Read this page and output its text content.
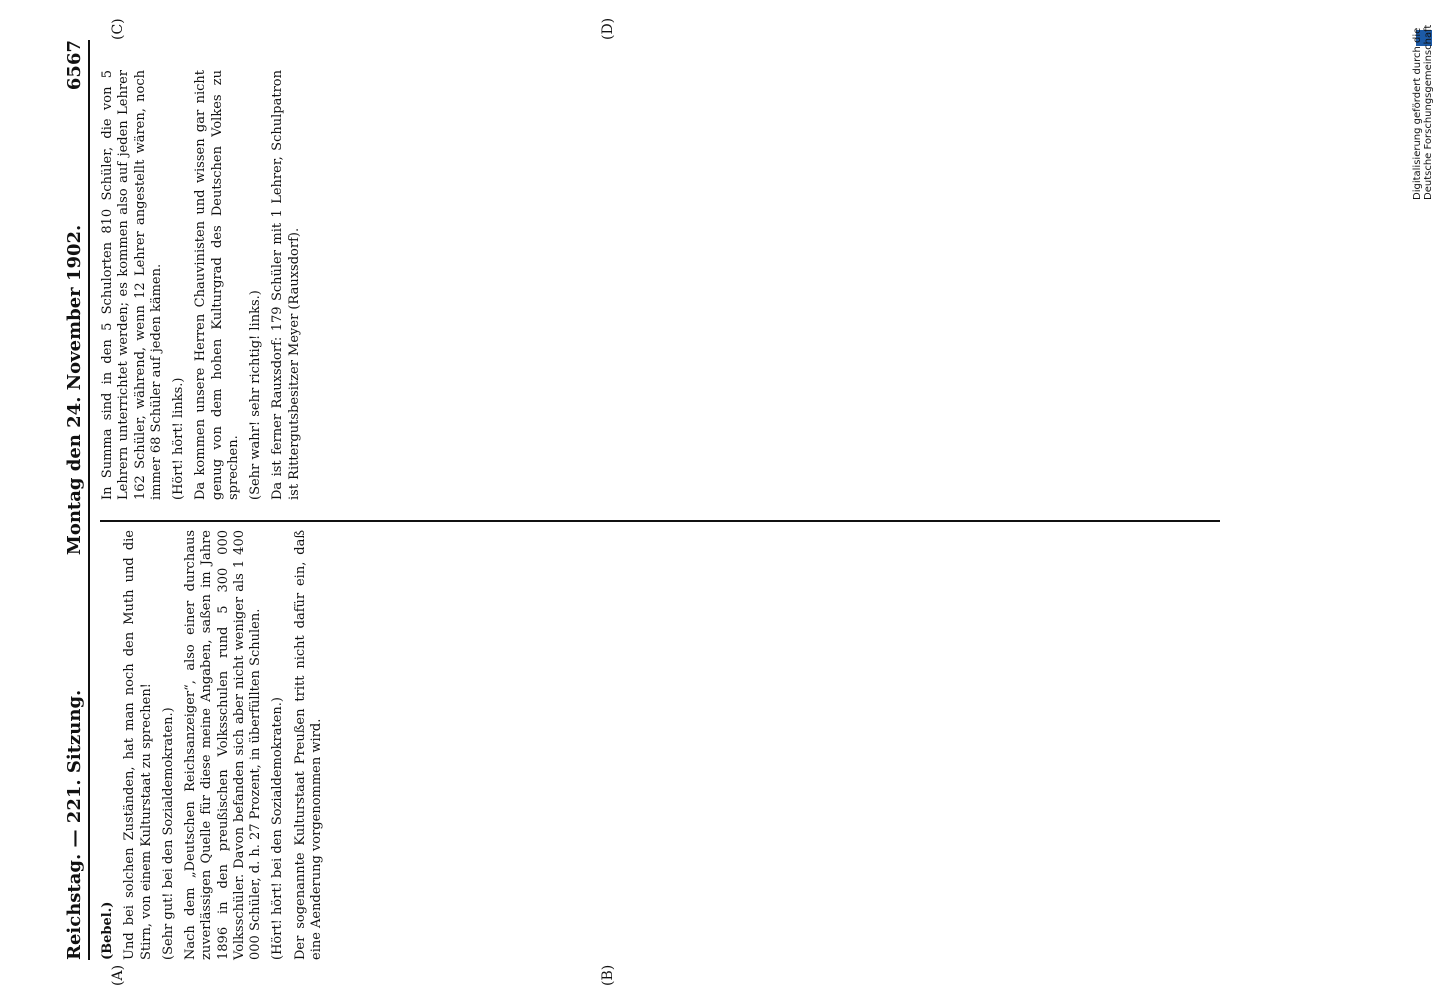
Reichstag. — 221. Sitzung.
Montag den 24. November 1902.
6567
(A)	(B)
(C)	(D)

(Bebel.) Und bei solchen Zuständen, hat man noch den Muth und die Stirn, von einem Kulturstaat zu sprechen! (Sehr gut! bei den Sozialdemokraten.) Nach dem „Deutschen Reichsanzeiger“, also einer durchaus zuverlässigen Quelle für diese meine Angaben, saßen im Jahre 1896 in den preußischen Volksschulen rund 5 300 000 Volksschüler. Davon befanden sich aber nicht weniger als 1 400 000 Schüler, d. h. 27 Prozent, in überfüllten Schulen. (Hört! hört! bei den Sozialdemokraten.) Der sogenannte Kulturstaat Preußen tritt nicht dafür ein, daß eine Aenderung vorgenommen wird.

In Summa sind in den 5 Schulorten 810 Schüler, die von 5 Lehrern unterrichtet werden; es kommen also auf jeden Lehrer 162 Schüler, während, wenn 12 Lehrer angestellt wären, noch immer 68 Schüler auf jeden kämen. (Hört! hört! links.) Da kommen unsere Herren Chauvinisten und wissen gar nicht genug von dem hohen Kulturgrad des Deutschen Volkes zu sprechen. (Sehr wahr! sehr richtig! links.) Da ist ferner Rauxsdorf: 179 Schüler mit 1 Lehrer, Schulpatron ist Rittergutsbesitzer Meyer (Rauxsdorf).

Digitalisierung gefördert durch die Deutsche Forschungsgemeinschaft
